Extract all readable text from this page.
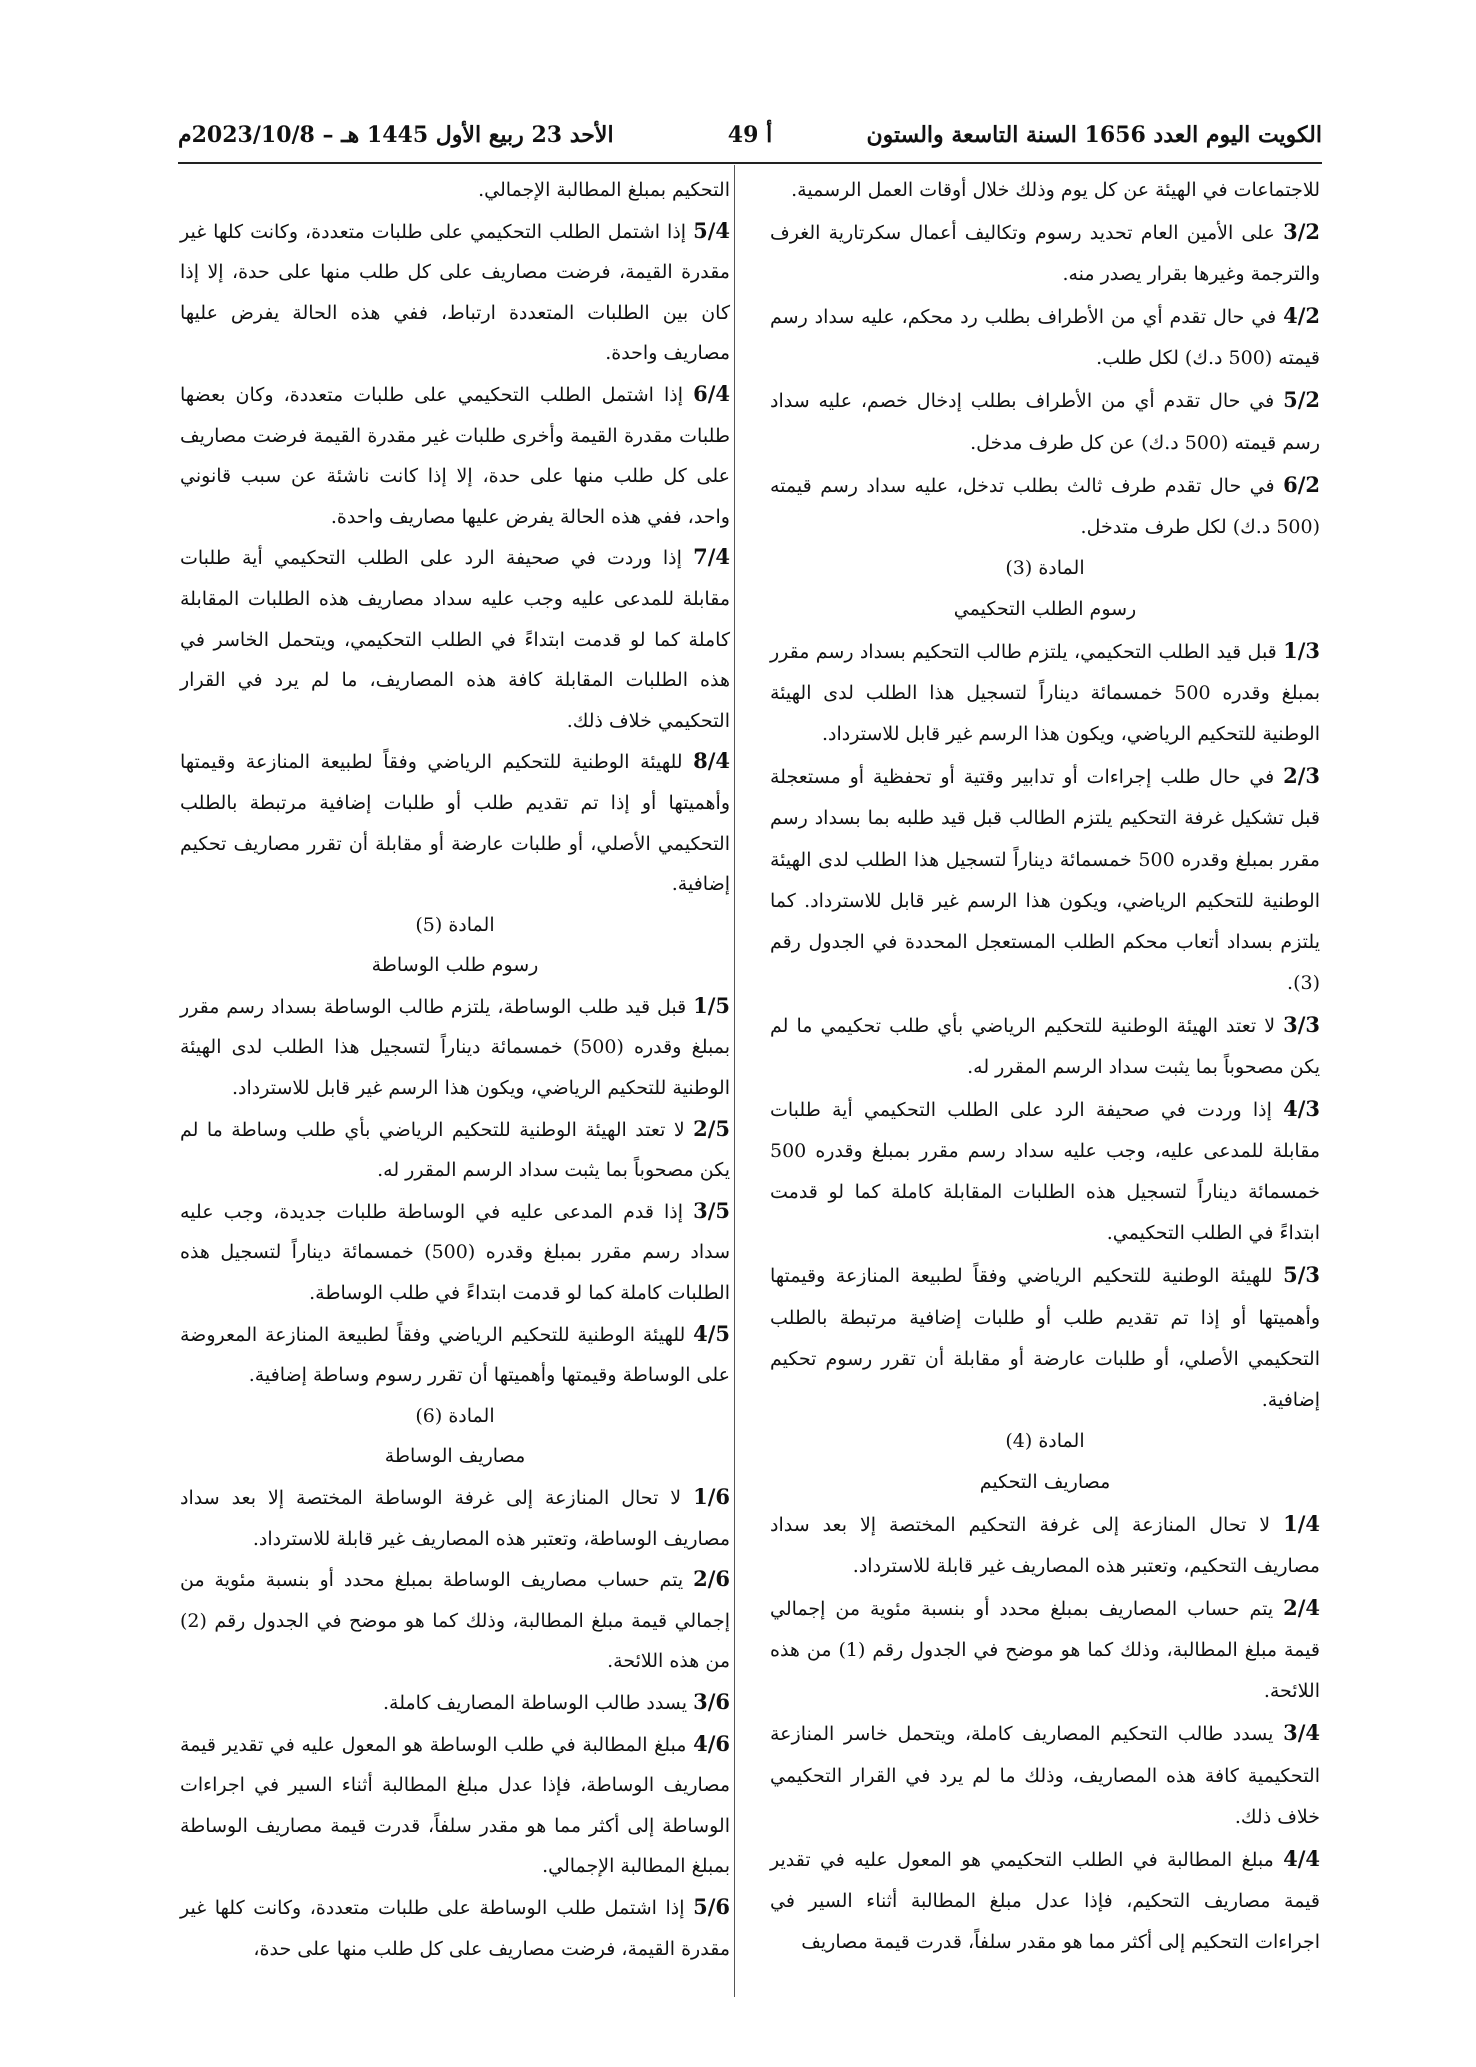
الكويت اليوم العدد 1656 السنة التاسعة والستون
أ 49
الأحد 23 ربيع الأول 1445 هـ – 2023/10/8م

للاجتماعات في الهيئة عن كل يوم وذلك خلال أوقات العمل الرسمية.

3/2 على الأمين العام تحديد رسوم وتكاليف أعمال سكرتارية الغرف والترجمة وغيرها بقرار يصدر منه.

4/2 في حال تقدم أي من الأطراف بطلب رد محكم، عليه سداد رسم قيمته (500 د.ك) لكل طلب.

5/2 في حال تقدم أي من الأطراف بطلب إدخال خصم، عليه سداد رسم قيمته (500 د.ك) عن كل طرف مدخل.

6/2 في حال تقدم طرف ثالث بطلب تدخل، عليه سداد رسم قيمته (500 د.ك) لكل طرف متدخل.

المادة (3)

رسوم الطلب التحكيمي

1/3 قبل قيد الطلب التحكيمي، يلتزم طالب التحكيم بسداد رسم مقرر بمبلغ وقدره 500 خمسمائة ديناراً لتسجيل هذا الطلب لدى الهيئة الوطنية للتحكيم الرياضي، ويكون هذا الرسم غير قابل للاسترداد.

2/3 في حال طلب إجراءات أو تدابير وقتية أو تحفظية أو مستعجلة قبل تشكيل غرفة التحكيم يلتزم الطالب قبل قيد طلبه بما بسداد رسم مقرر بمبلغ وقدره 500 خمسمائة ديناراً لتسجيل هذا الطلب لدى الهيئة الوطنية للتحكيم الرياضي، ويكون هذا الرسم غير قابل للاسترداد. كما يلتزم بسداد أتعاب محكم الطلب المستعجل المحددة في الجدول رقم (3).

3/3 لا تعتد الهيئة الوطنية للتحكيم الرياضي بأي طلب تحكيمي ما لم يكن مصحوباً بما يثبت سداد الرسم المقرر له.

4/3 إذا وردت في صحيفة الرد على الطلب التحكيمي أية طلبات مقابلة للمدعى عليه، وجب عليه سداد رسم مقرر بمبلغ وقدره 500 خمسمائة ديناراً لتسجيل هذه الطلبات المقابلة كاملة كما لو قدمت ابتداءً في الطلب التحكيمي.

5/3 للهيئة الوطنية للتحكيم الرياضي وفقاً لطبيعة المنازعة وقيمتها وأهميتها أو إذا تم تقديم طلب أو طلبات إضافية مرتبطة بالطلب التحكيمي الأصلي، أو طلبات عارضة أو مقابلة أن تقرر رسوم تحكيم إضافية.

المادة (4)

مصاريف التحكيم

1/4 لا تحال المنازعة إلى غرفة التحكيم المختصة إلا بعد سداد مصاريف التحكيم، وتعتبر هذه المصاريف غير قابلة للاسترداد.

2/4 يتم حساب المصاريف بمبلغ محدد أو بنسبة مئوية من إجمالي قيمة مبلغ المطالبة، وذلك كما هو موضح في الجدول رقم (1) من هذه اللائحة.

3/4 يسدد طالب التحكيم المصاريف كاملة، ويتحمل خاسر المنازعة التحكيمية كافة هذه المصاريف، وذلك ما لم يرد في القرار التحكيمي خلاف ذلك.

4/4 مبلغ المطالبة في الطلب التحكيمي هو المعول عليه في تقدير قيمة مصاريف التحكيم، فإذا عدل مبلغ المطالبة أثناء السير في اجراءات التحكيم إلى أكثر مما هو مقدر سلفاً، قدرت قيمة مصاريف

التحكيم بمبلغ المطالبة الإجمالي.

5/4 إذا اشتمل الطلب التحكيمي على طلبات متعددة، وكانت كلها غير مقدرة القيمة، فرضت مصاريف على كل طلب منها على حدة، إلا إذا كان بين الطلبات المتعددة ارتباط، ففي هذه الحالة يفرض عليها مصاريف واحدة.

6/4 إذا اشتمل الطلب التحكيمي على طلبات متعددة، وكان بعضها طلبات مقدرة القيمة وأخرى طلبات غير مقدرة القيمة فرضت مصاريف على كل طلب منها على حدة، إلا إذا كانت ناشئة عن سبب قانوني واحد، ففي هذه الحالة يفرض عليها مصاريف واحدة.

7/4 إذا وردت في صحيفة الرد على الطلب التحكيمي أية طلبات مقابلة للمدعى عليه وجب عليه سداد مصاريف هذه الطلبات المقابلة كاملة كما لو قدمت ابتداءً في الطلب التحكيمي، ويتحمل الخاسر في هذه الطلبات المقابلة كافة هذه المصاريف، ما لم يرد في القرار التحكيمي خلاف ذلك.

8/4 للهيئة الوطنية للتحكيم الرياضي وفقاً لطبيعة المنازعة وقيمتها وأهميتها أو إذا تم تقديم طلب أو طلبات إضافية مرتبطة بالطلب التحكيمي الأصلي، أو طلبات عارضة أو مقابلة أن تقرر مصاريف تحكيم إضافية.

المادة (5)

رسوم طلب الوساطة

1/5 قبل قيد طلب الوساطة، يلتزم طالب الوساطة بسداد رسم مقرر بمبلغ وقدره (500) خمسمائة ديناراً لتسجيل هذا الطلب لدى الهيئة الوطنية للتحكيم الرياضي، ويكون هذا الرسم غير قابل للاسترداد.

2/5 لا تعتد الهيئة الوطنية للتحكيم الرياضي بأي طلب وساطة ما لم يكن مصحوباً بما يثبت سداد الرسم المقرر له.

3/5 إذا قدم المدعى عليه في الوساطة طلبات جديدة، وجب عليه سداد رسم مقرر بمبلغ وقدره (500) خمسمائة ديناراً لتسجيل هذه الطلبات كاملة كما لو قدمت ابتداءً في طلب الوساطة.

4/5 للهيئة الوطنية للتحكيم الرياضي وفقاً لطبيعة المنازعة المعروضة على الوساطة وقيمتها وأهميتها أن تقرر رسوم وساطة إضافية.

المادة (6)

مصاريف الوساطة

1/6 لا تحال المنازعة إلى غرفة الوساطة المختصة إلا بعد سداد مصاريف الوساطة، وتعتبر هذه المصاريف غير قابلة للاسترداد.

2/6 يتم حساب مصاريف الوساطة بمبلغ محدد أو بنسبة مئوية من إجمالي قيمة مبلغ المطالبة، وذلك كما هو موضح في الجدول رقم (2) من هذه اللائحة.

3/6 يسدد طالب الوساطة المصاريف كاملة.

4/6 مبلغ المطالبة في طلب الوساطة هو المعول عليه في تقدير قيمة مصاريف الوساطة، فإذا عدل مبلغ المطالبة أثناء السير في اجراءات الوساطة إلى أكثر مما هو مقدر سلفاً، قدرت قيمة مصاريف الوساطة بمبلغ المطالبة الإجمالي.

5/6 إذا اشتمل طلب الوساطة على طلبات متعددة، وكانت كلها غير مقدرة القيمة، فرضت مصاريف على كل طلب منها على حدة،
